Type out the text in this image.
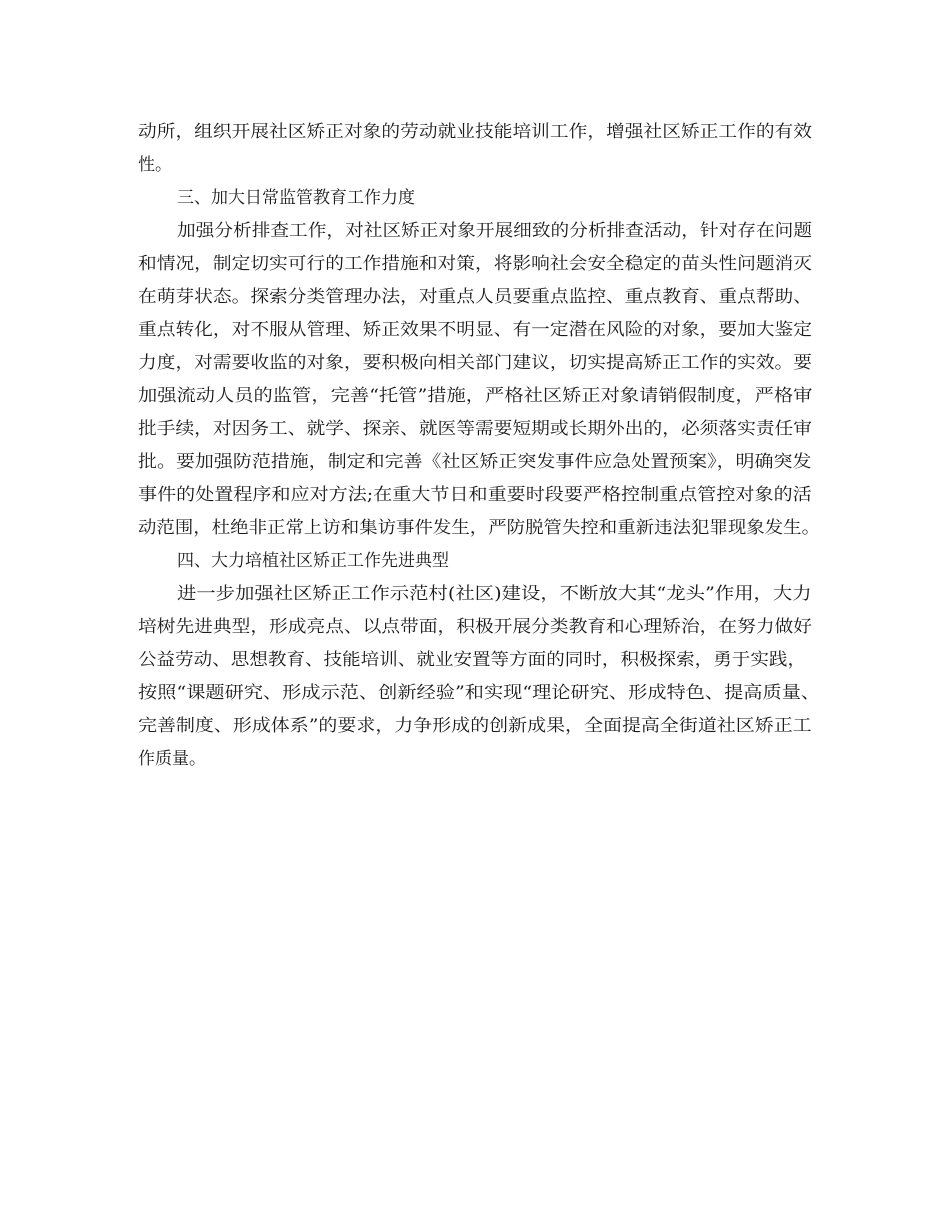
动所，组织开展社区矫正对象的劳动就业技能培训工作，增强社区矫正工作的有效

性。

三、加大日常监管教育工作力度

加强分析排查工作，对社区矫正对象开展细致的分析排查活动，针对存在问题

和情况，制定切实可行的工作措施和对策，将影响社会安全稳定的苗头性问题消灭

在萌芽状态。探索分类管理办法，对重点人员要重点监控、重点教育、重点帮助、

重点转化，对不服从管理、矫正效果不明显、有一定潜在风险的对象，要加大鉴定

力度，对需要收监的对象，要积极向相关部门建议，切实提高矫正工作的实效。要

加强流动人员的监管，完善“托管”措施，严格社区矫正对象请销假制度，严格审

批手续，对因务工、就学、探亲、就医等需要短期或长期外出的，必须落实责任审

批。要加强防范措施，制定和完善《社区矫正突发事件应急处置预案》，明确突发

事件的处置程序和应对方法;在重大节日和重要时段要严格控制重点管控对象的活

动范围，杜绝非正常上访和集访事件发生，严防脱管失控和重新违法犯罪现象发生。

四、大力培植社区矫正工作先进典型

进一步加强社区矫正工作示范村(社区)建设，不断放大其“龙头”作用，大力

培树先进典型，形成亮点、以点带面，积极开展分类教育和心理矫治，在努力做好

公益劳动、思想教育、技能培训、就业安置等方面的同时，积极探索，勇于实践，

按照“课题研究、形成示范、创新经验”和实现“理论研究、形成特色、提高质量、

完善制度、形成体系”的要求，力争形成的创新成果，全面提高全街道社区矫正工

作质量。
